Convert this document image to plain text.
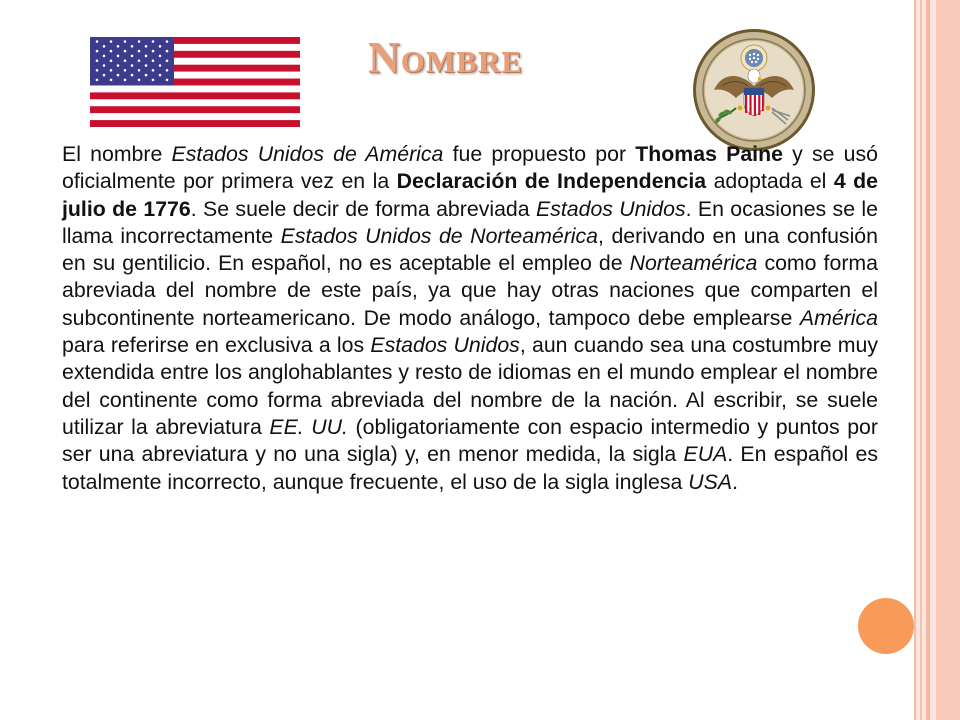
Nombre

El nombre Estados Unidos de América fue propuesto por Thomas Paine y se usó oficialmente por primera vez en la Declaración de Independencia adoptada el 4 de julio de 1776. Se suele decir de forma abreviada Estados Unidos. En ocasiones se le llama incorrectamente Estados Unidos de Norteamérica, derivando en una confusión en su gentilicio. En español, no es aceptable el empleo de Norteamérica como forma abreviada del nombre de este país, ya que hay otras naciones que comparten el subcontinente norteamericano. De modo análogo, tampoco debe emplearse América para referirse en exclusiva a los Estados Unidos, aun cuando sea una costumbre muy extendida entre los anglohablantes y resto de idiomas en el mundo emplear el nombre del continente como forma abreviada del nombre de la nación. Al escribir, se suele utilizar la abreviatura EE. UU. (obligatoriamente con espacio intermedio y puntos por ser una abreviatura y no una sigla) y, en menor medida, la sigla EUA. En español es totalmente incorrecto, aunque frecuente, el uso de la sigla inglesa USA.
